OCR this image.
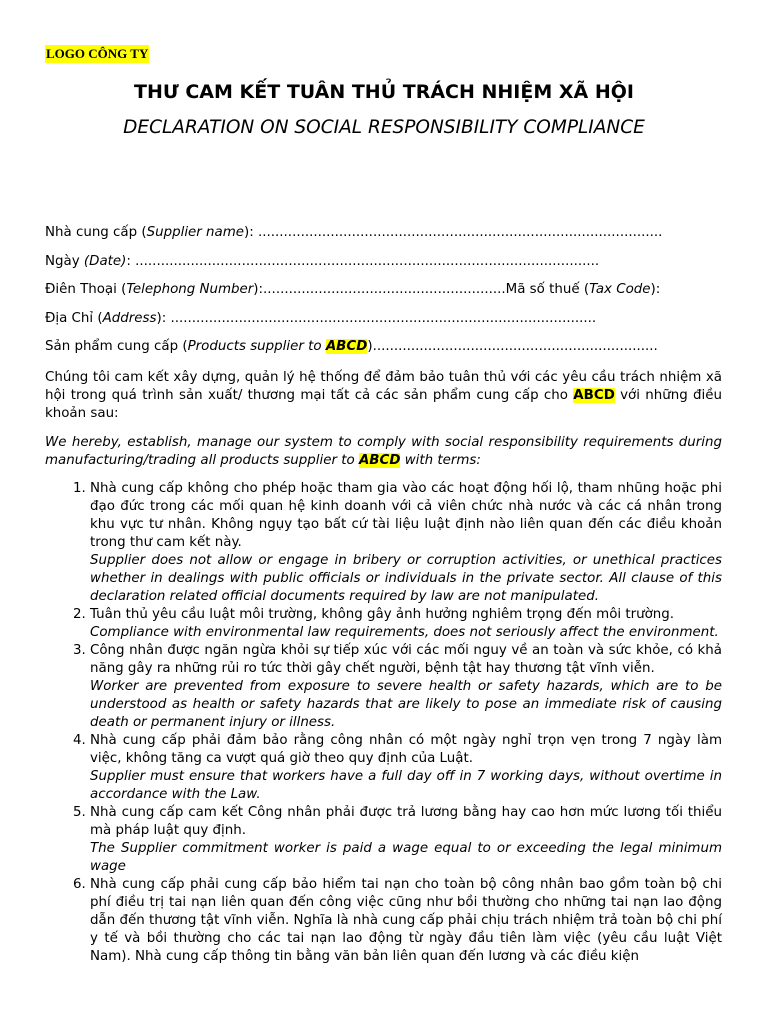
LOGO CÔNG TY
THƯ CAM KẾT TUÂN THỦ TRÁCH NHIỆM XÃ HỘI
DECLARATION ON SOCIAL RESPONSIBILITY COMPLIANCE
Nhà cung cấp (Supplier name): ...............................................................................................
Ngày (Date): .............................................................................................................
Điên Thoại (Telephong Number):.........................................................Mã số thuế (Tax Code):
Địa Chỉ (Address): ....................................................................................................
Sản phẩm cung cấp (Products supplier to ABCD)...................................................................
Chúng tôi cam kết xây dựng, quản lý hệ thống để đảm bảo tuân thủ với các yêu cầu trách nhiệm xã hội trong quá trình sản xuất/ thương mại tất cả các sản phẩm cung cấp cho ABCD với những điều khoản sau:
We hereby, establish, manage our system to comply with social responsibility requirements during manufacturing/trading all products supplier to ABCD with terms:
1. Nhà cung cấp không cho phép hoặc tham gia vào các hoạt động hối lộ, tham nhũng hoặc phi đạo đức trong các mối quan hệ kinh doanh với cả viên chức nhà nước và các cá nhân trong khu vực tư nhân. Không ngụy tạo bất cứ tài liệu luật định nào liên quan đến các điều khoản trong thư cam kết này.
Supplier does not allow or engage in bribery or corruption activities, or unethical practices whether in dealings with public officials or individuals in the private sector. All clause of this declaration related official documents required by law are not manipulated.
2. Tuân thủ yêu cầu luật môi trường, không gây ảnh hưởng nghiêm trọng đến môi trường.
Compliance with environmental law requirements, does not seriously affect the environment.
3. Công nhân được ngăn ngừa khỏi sự tiếp xúc với các mối nguy về an toàn và sức khỏe, có khả năng gây ra những rủi ro tức thời gây chết người, bệnh tật hay thương tật vĩnh viễn.
Worker are prevented from exposure to severe health or safety hazards, which are to be understood as health or safety hazards that are likely to pose an immediate risk of causing death or permanent injury or illness.
4. Nhà cung cấp phải đảm bảo rằng công nhân có một ngày nghỉ trọn vẹn trong 7 ngày làm việc, không tăng ca vượt quá giờ theo quy định của Luật.
Supplier must ensure that workers have a full day off in 7 working days, without overtime in accordance with the Law.
5. Nhà cung cấp cam kết Công nhân phải được trả lương bằng hay cao hơn mức lương tối thiểu mà pháp luật quy định.
The Supplier commitment worker is paid a wage equal to or exceeding the legal minimum wage
6. Nhà cung cấp phải cung cấp bảo hiểm tai nạn cho toàn bộ công nhân bao gồm toàn bộ chi phí điều trị tai nạn liên quan đến công việc cũng như bồi thường cho những tai nạn lao động dẫn đến thương tật vĩnh viễn. Nghĩa là nhà cung cấp phải chịu trách nhiệm trả toàn bộ chi phí y tế và bồi thường cho các tai nạn lao động từ ngày đầu tiên làm việc (yêu cầu luật Việt Nam). Nhà cung cấp thông tin bằng văn bản liên quan đến lương và các điều kiện
